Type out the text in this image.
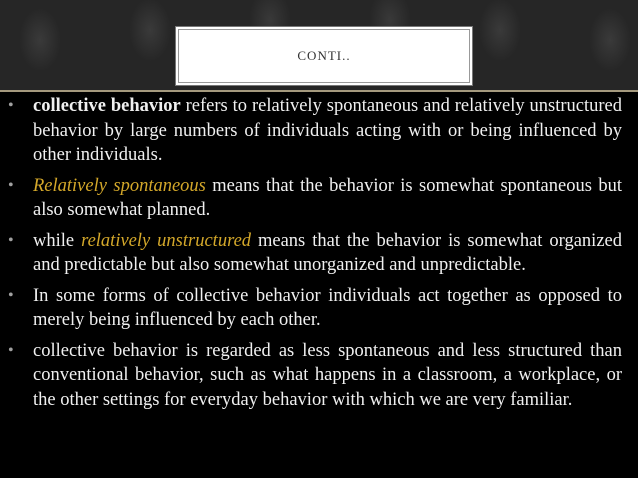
CONTI..
• collective behavior refers to relatively spontaneous and relatively unstructured behavior by large numbers of individuals acting with or being influenced by other individuals.
• Relatively spontaneous means that the behavior is somewhat spontaneous but also somewhat planned.
• while relatively unstructured means that the behavior is somewhat organized and predictable but also somewhat unorganized and unpredictable.
• In some forms of collective behavior individuals act together as opposed to merely being influenced by each other.
• collective behavior is regarded as less spontaneous and less structured than conventional behavior, such as what happens in a classroom, a workplace, or the other settings for everyday behavior with which we are very familiar.
